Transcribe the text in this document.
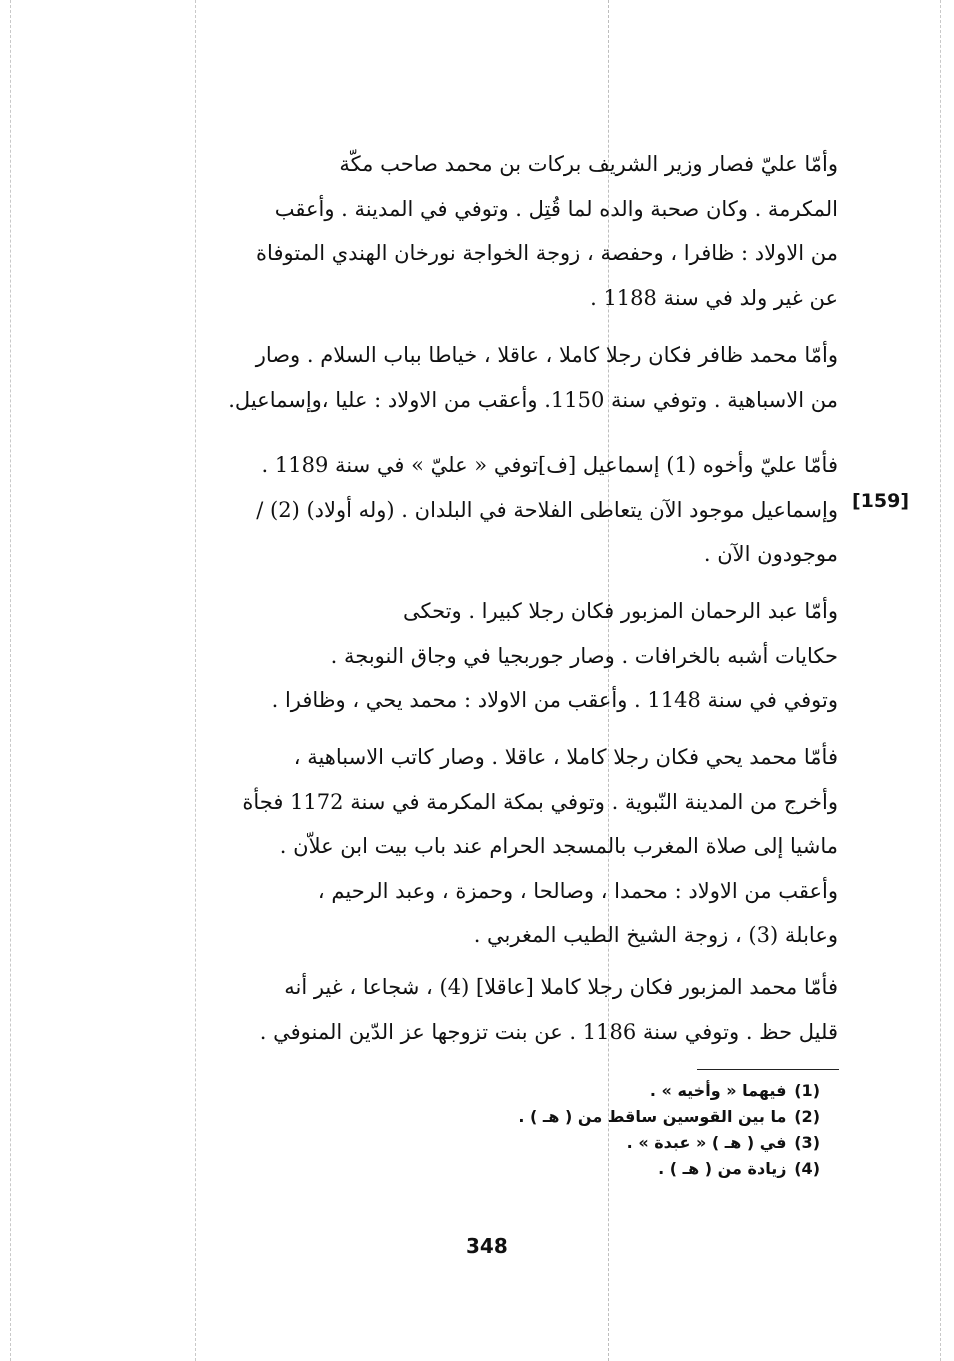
وأمّا عليّ فصار وزير الشريف بركات بن محمد صاحب مكّة
المكرمة . وكان صحبة والده لما قُتِل . وتوفي في المدينة . وأعقب
من الاولاد : ظافرا ، وحفصة ، زوجة الخواجة نورخان الهندي المتوفاة
عن غير ولد في سنة 1188 .
وأمّا محمد ظافر فكان رجلا كاملا ، عاقلا ، خياطا بباب السلام . وصار
من الاسباهية . وتوفي سنة 1150. وأعقب من الاولاد : عليا ،وإسماعيل.
فأمّا عليّ وأخوه (1) إسماعيل [ف]توفي « عليّ » في سنة 1189 .
وإسماعيل موجود الآن يتعاطى الفلاحة في البلدان . (وله أولاد) (2) /
موجودون الآن .
[159]
وأمّا عبد الرحمان المزبور فكان رجلا كبيرا . وتحكى
حكايات أشبه بالخرافات . وصار جوربجيا في وجاق النوبجة .
وتوفي في سنة 1148 . وأعقب من الاولاد : محمد يحي ، وظافرا .
فأمّا محمد يحي فكان رجلا كاملا ، عاقلا . وصار كاتب الاسباهية ،
وأخرج من المدينة النّبوية . وتوفي بمكة المكرمة في سنة 1172 فجأة
ماشيا إلى صلاة المغرب بالمسجد الحرام عند باب بيت ابن علاّن .
وأعقب من الاولاد : محمدا ، وصالحا ، وحمزة ، وعبد الرحيم ،
وعابلة (3) ، زوجة الشيخ الطيب المغربي .
فأمّا محمد المزبور فكان رجلا كاملا [عاقلا] (4) ، شجاعا ، غير أنه
قليل حظ . وتوفي سنة 1186 . عن بنت تزوجها عز الدّين المنوفي .
(1) فيهما « وأخيه » .
(2) ما بين القوسين ساقط من ( هـ ) .
(3) في ( هـ ) « عبدة » .
(4) زيادة من ( هـ ) .
348
